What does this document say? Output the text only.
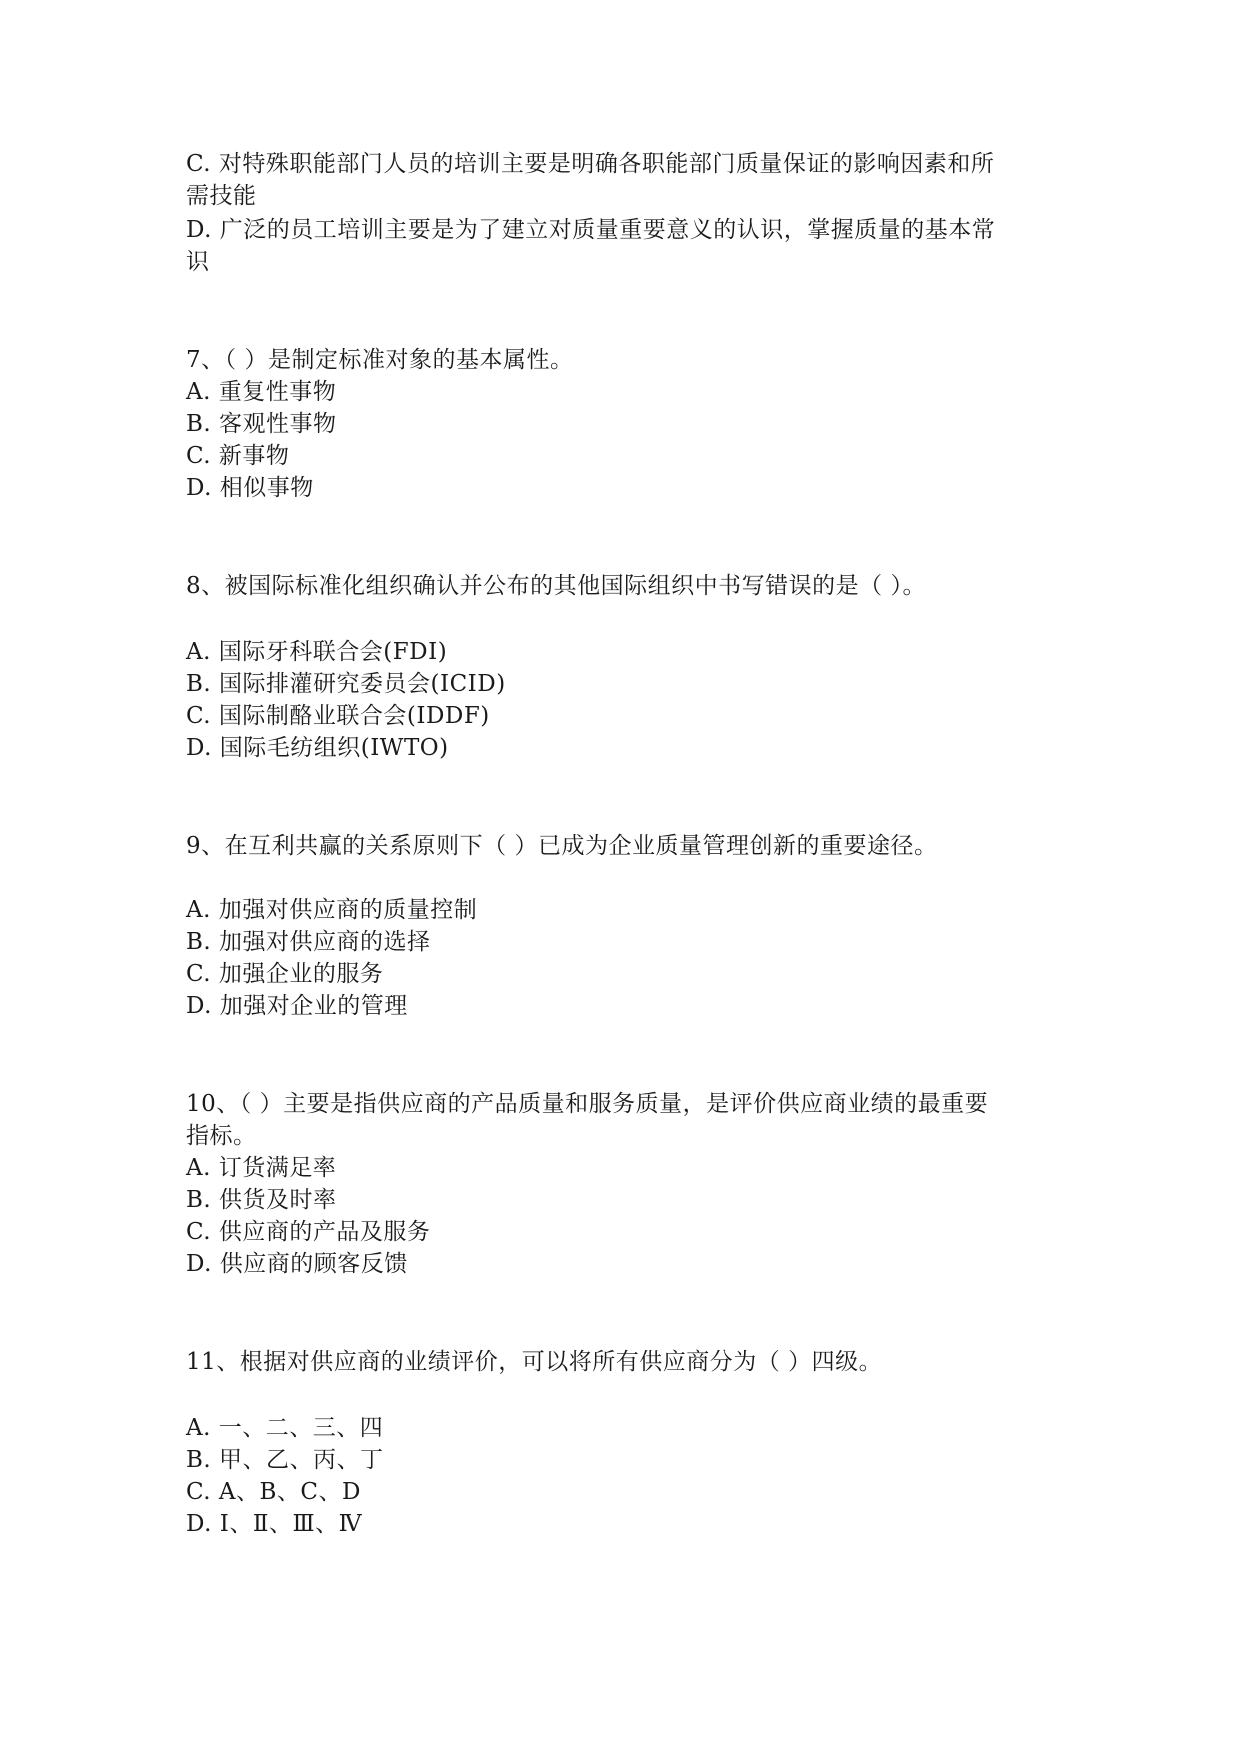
C. 对特殊职能部门人员的培训主要是明确各职能部门质量保证的影响因素和所
需技能
D. 广泛的员工培训主要是为了建立对质量重要意义的认识，掌握质量的基本常
识
7、（ ）是制定标准对象的基本属性。
A. 重复性事物
B. 客观性事物
C. 新事物
D. 相似事物
8、被国际标准化组织确认并公布的其他国际组织中书写错误的是（ ）。
A. 国际牙科联合会(FDI)
B. 国际排灌研究委员会(ICID)
C. 国际制酪业联合会(IDDF)
D. 国际毛纺组织(IWTO)
9、在互利共赢的关系原则下（ ）已成为企业质量管理创新的重要途径。
A. 加强对供应商的质量控制
B. 加强对供应商的选择
C. 加强企业的服务
D. 加强对企业的管理
10、（ ）主要是指供应商的产品质量和服务质量，是评价供应商业绩的最重要
指标。
A. 订货满足率
B. 供货及时率
C. 供应商的产品及服务
D. 供应商的顾客反馈
11、根据对供应商的业绩评价，可以将所有供应商分为（ ）四级。
A. 一、二、三、四
B. 甲、乙、丙、丁
C. A、B、C、D
D. Ⅰ、Ⅱ、Ⅲ、Ⅳ
